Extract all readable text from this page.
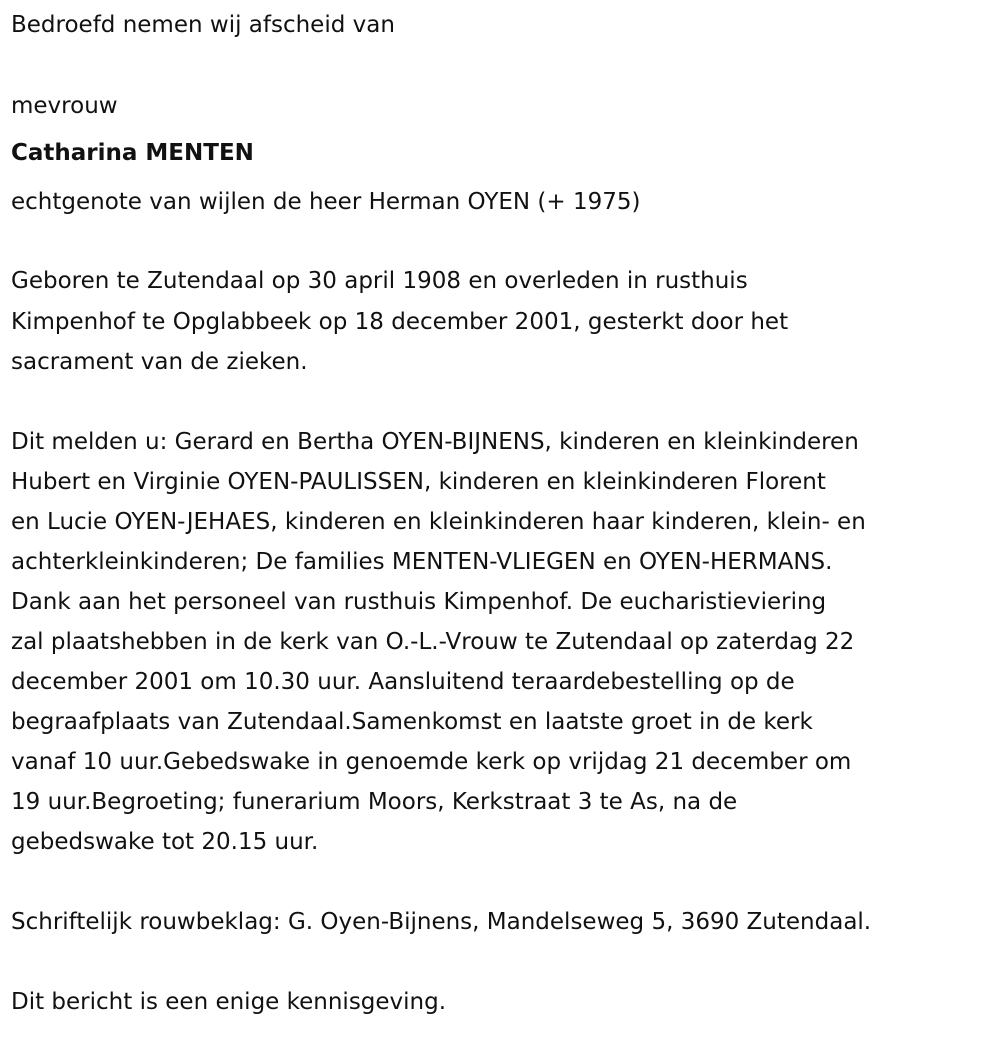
Bedroefd nemen wij afscheid van
mevrouw
Catharina MENTEN
echtgenote van wijlen de heer Herman OYEN (+ 1975)
Geboren te Zutendaal op 30 april 1908 en overleden in rusthuis
Kimpenhof te Opglabbeek op 18 december 2001, gesterkt door het
sacrament van de zieken.
Dit melden u: Gerard en Bertha OYEN-BIJNENS, kinderen en kleinkinderen
Hubert en Virginie OYEN-PAULISSEN, kinderen en kleinkinderen Florent
en Lucie OYEN-JEHAES, kinderen en kleinkinderen haar kinderen, klein- en
achterkleinkinderen; De families MENTEN-VLIEGEN en OYEN-HERMANS.
Dank aan het personeel van rusthuis Kimpenhof. De eucharistieviering
zal plaatshebben in de kerk van O.-L.-Vrouw te Zutendaal op zaterdag 22
december 2001 om 10.30 uur. Aansluitend teraardebestelling op de
begraafplaats van Zutendaal.Samenkomst en laatste groet in de kerk
vanaf 10 uur.Gebedswake in genoemde kerk op vrijdag 21 december om
19 uur.Begroeting; funerarium Moors, Kerkstraat 3 te As, na de
gebedswake tot 20.15 uur.
Schriftelijk rouwbeklag: G. Oyen-Bijnens, Mandelseweg 5, 3690 Zutendaal.
Dit bericht is een enige kennisgeving.
